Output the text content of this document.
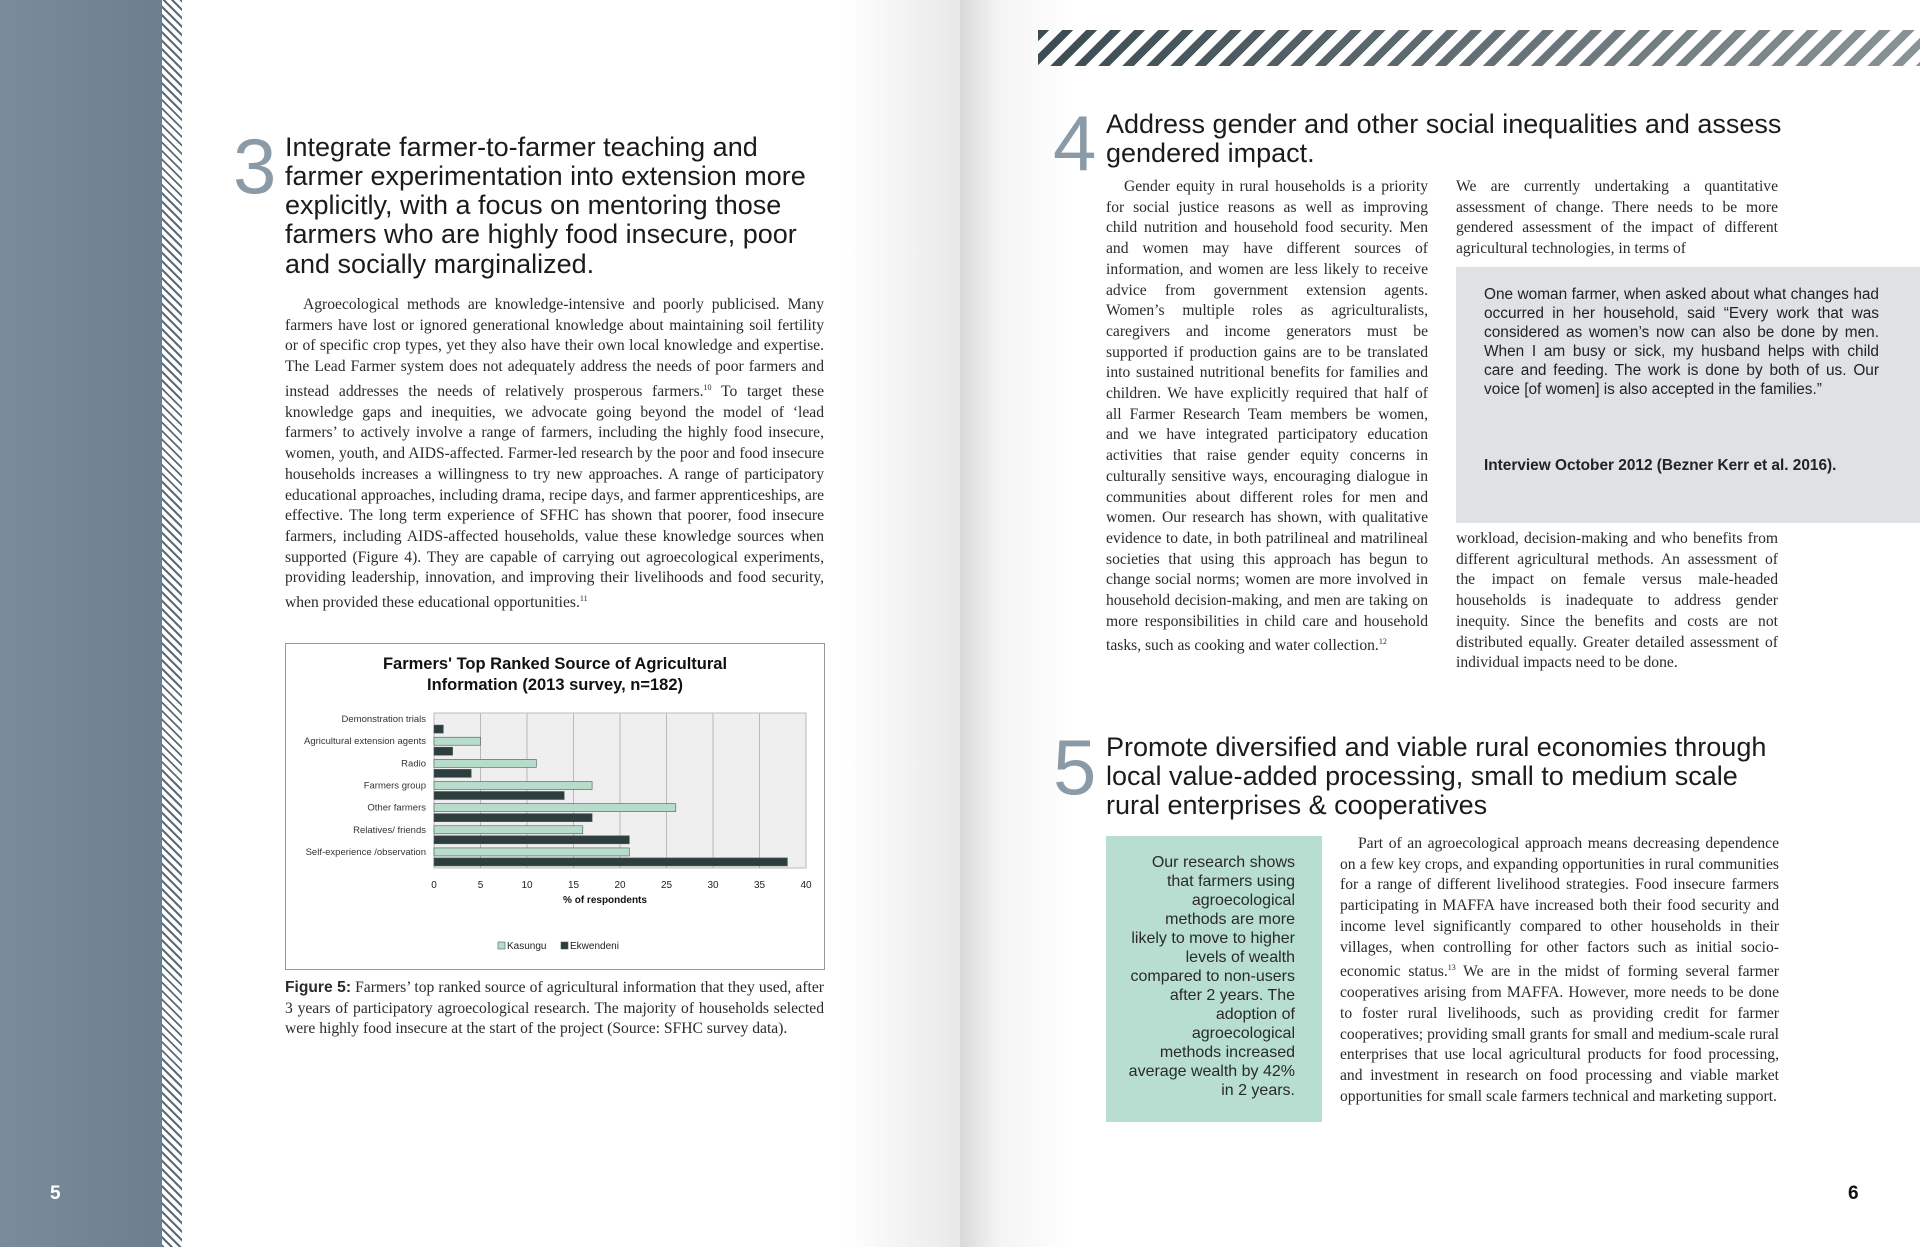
5	6
3 Integrate farmer-to-farmer teaching and
farmer experimentation into extension more
explicitly, with a focus on mentoring those
farmers who are highly food insecure, poor
and socially marginalized.
Agroecological methods are knowledge-intensive and poorly publicised. Many farmers have lost or ignored generational knowledge about maintaining soil fertility or of specific crop types, yet they also have their own local knowledge and expertise. The Lead Farmer system does not adequately address the needs of poor farmers and instead addresses the needs of relatively prosperous farmers.$^{10}$ To target these knowledge gaps and inequities, we advocate going beyond the model of ‘lead farmers’ to actively involve a range of farmers, including the highly food insecure, women, youth, and AIDS-affected. Farmer-led research by the poor and food insecure households increases a willingness to try new approaches. A range of participatory educational approaches, including drama, recipe days, and farmer apprenticeships, are effective. The long term experience of SFHC has shown that poorer, food insecure farmers, including AIDS-affected households, value these knowledge sources when supported (Figure 4). They are capable of carrying out agroecological experiments, providing leadership, innovation, and improving their livelihoods and food security, when provided these educational opportunities.$^{11}$
Farmers' Top Ranked Source of Agricultural
Information (2013 survey, n=182)
0	5	10	15	20	25	30	35	40
Demonstration trials
Agricultural extension agents
Radio
Farmers group
Other farmers
Relatives/ friends
Self-experience /observation
% of respondents
Kasungu Ekwendeni
Figure 5: Farmers’ top ranked source of agricultural information that they used, after 3 years of participatory agroecological research. The majority of households selected were highly food insecure at the start of the project (Source: SFHC survey data).
4 Address gender and other social inequalities and assess
gendered impact.
Gender equity in rural households is a priority for social justice reasons as well as improving child nutrition and household food security. Men and women may have different sources of information, and women are less likely to receive advice from government extension agents. Women’s multiple roles as agriculturalists, caregivers and income generators must be supported if production gains are to be translated into sustained nutritional benefits for families and children. We have explicitly required that half of all Farmer Research Team members be women, and we have integrated participatory education activities that raise gender equity concerns in culturally sensitive ways, encouraging dialogue in communities about different roles for men and women. Our research has shown, with qualitative evidence to date, in both patrilineal and matrilineal societies that using this approach has begun to change social norms; women are more involved in household decision-making, and men are taking on more responsibilities in child care and household tasks, such as cooking and water collection.$^{12}$
We are currently undertaking a quantitative assessment of change. There needs to be more gendered assessment of the impact of different agricultural technologies, in terms of
One woman farmer, when asked about what changes had occurred in her household, said “Every work that was considered as women’s now can also be done by men. When I am busy or sick, my husband helps with child care and feeding. The work is done by both of us. Our voice [of women] is also accepted in the families.”
Interview October 2012 (Bezner Kerr et al. 2016).
workload, decision-making and who benefits from different agricultural methods. An assessment of the impact on female versus male-headed households is inadequate to address gender inequity. Since the benefits and costs are not distributed equally. Greater detailed assessment of individual impacts need to be done.
5 Promote diversified and viable rural economies through
local value-added processing, small to medium scale
rural enterprises & cooperatives
Our research shows that farmers using agroecological methods are more likely to move to higher levels of wealth compared to non-users after 2 years. The adoption of agroecological methods increased average wealth by 42% in 2 years.
Part of an agroecological approach means decreasing dependence on a few key crops, and expanding opportunities in rural communities for a range of different livelihood strategies. Food insecure farmers participating in MAFFA have increased both their food security and income level significantly compared to other households in their villages, when controlling for other factors such as initial socio-economic status.$^{13}$ We are in the midst of forming several farmer cooperatives arising from MAFFA. However, more needs to be done to foster rural livelihoods, such as providing credit for farmer cooperatives; providing small grants for small and medium-scale rural enterprises that use local agricultural products for food processing, and investment in research on food processing and viable market opportunities for small scale farmers technical and marketing support.
